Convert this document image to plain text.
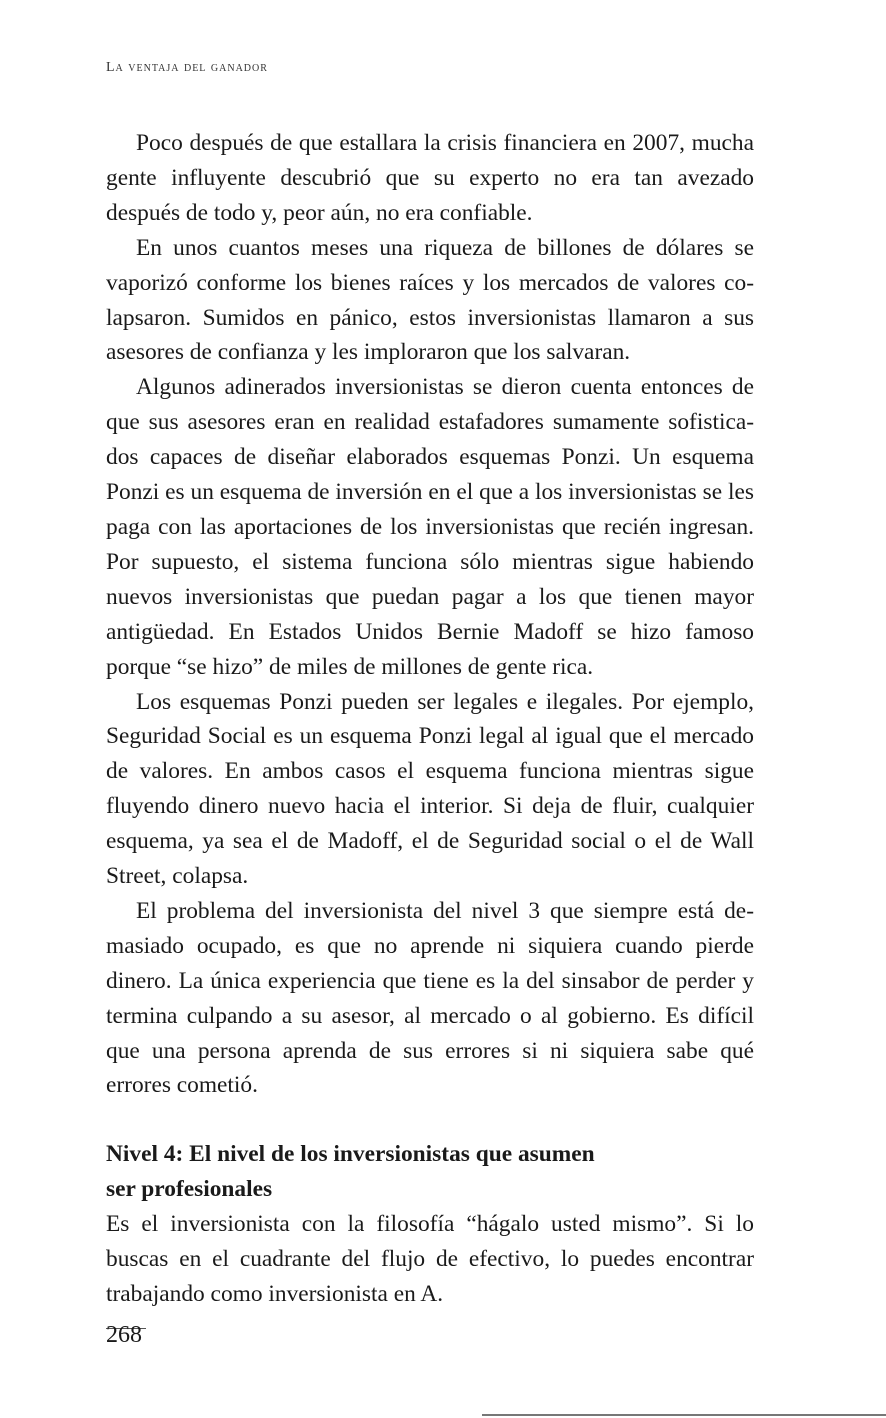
La ventaja del ganador

Poco después de que estallara la crisis financiera en 2007, mucha gente influyente descubrió que su experto no era tan avezado después de todo y, peor aún, no era confiable.

En unos cuantos meses una riqueza de billones de dólares se vaporizó conforme los bienes raíces y los mercados de valores colapsaron. Sumidos en pánico, estos inversionistas llamaron a sus asesores de confianza y les imploraron que los salvaran.

Algunos adinerados inversionistas se dieron cuenta entonces de que sus asesores eran en realidad estafadores sumamente sofisticados capaces de diseñar elaborados esquemas Ponzi. Un esquema Ponzi es un esquema de inversión en el que a los inversionistas se les paga con las aportaciones de los inversionistas que recién ingresan. Por supuesto, el sistema funciona sólo mientras sigue habiendo nuevos inversionistas que puedan pagar a los que tienen mayor antigüedad. En Estados Unidos Bernie Madoff se hizo famoso porque “se hizo” de miles de millones de gente rica.

Los esquemas Ponzi pueden ser legales e ilegales. Por ejemplo, Seguridad Social es un esquema Ponzi legal al igual que el mercado de valores. En ambos casos el esquema funciona mientras sigue fluyendo dinero nuevo hacia el interior. Si deja de fluir, cualquier esquema, ya sea el de Madoff, el de Seguridad social o el de Wall Street, colapsa.

El problema del inversionista del nivel 3 que siempre está demasiado ocupado, es que no aprende ni siquiera cuando pierde dinero. La única experiencia que tiene es la del sinsabor de perder y termina culpando a su asesor, al mercado o al gobierno. Es difícil que una persona aprenda de sus errores si ni siquiera sabe qué errores cometió.

Nivel 4: El nivel de los inversionistas que asumen
ser profesionales

Es el inversionista con la filosofía “hágalo usted mismo”. Si lo buscas en el cuadrante del flujo de efectivo, lo puedes encontrar trabajando como inversionista en A.

268
